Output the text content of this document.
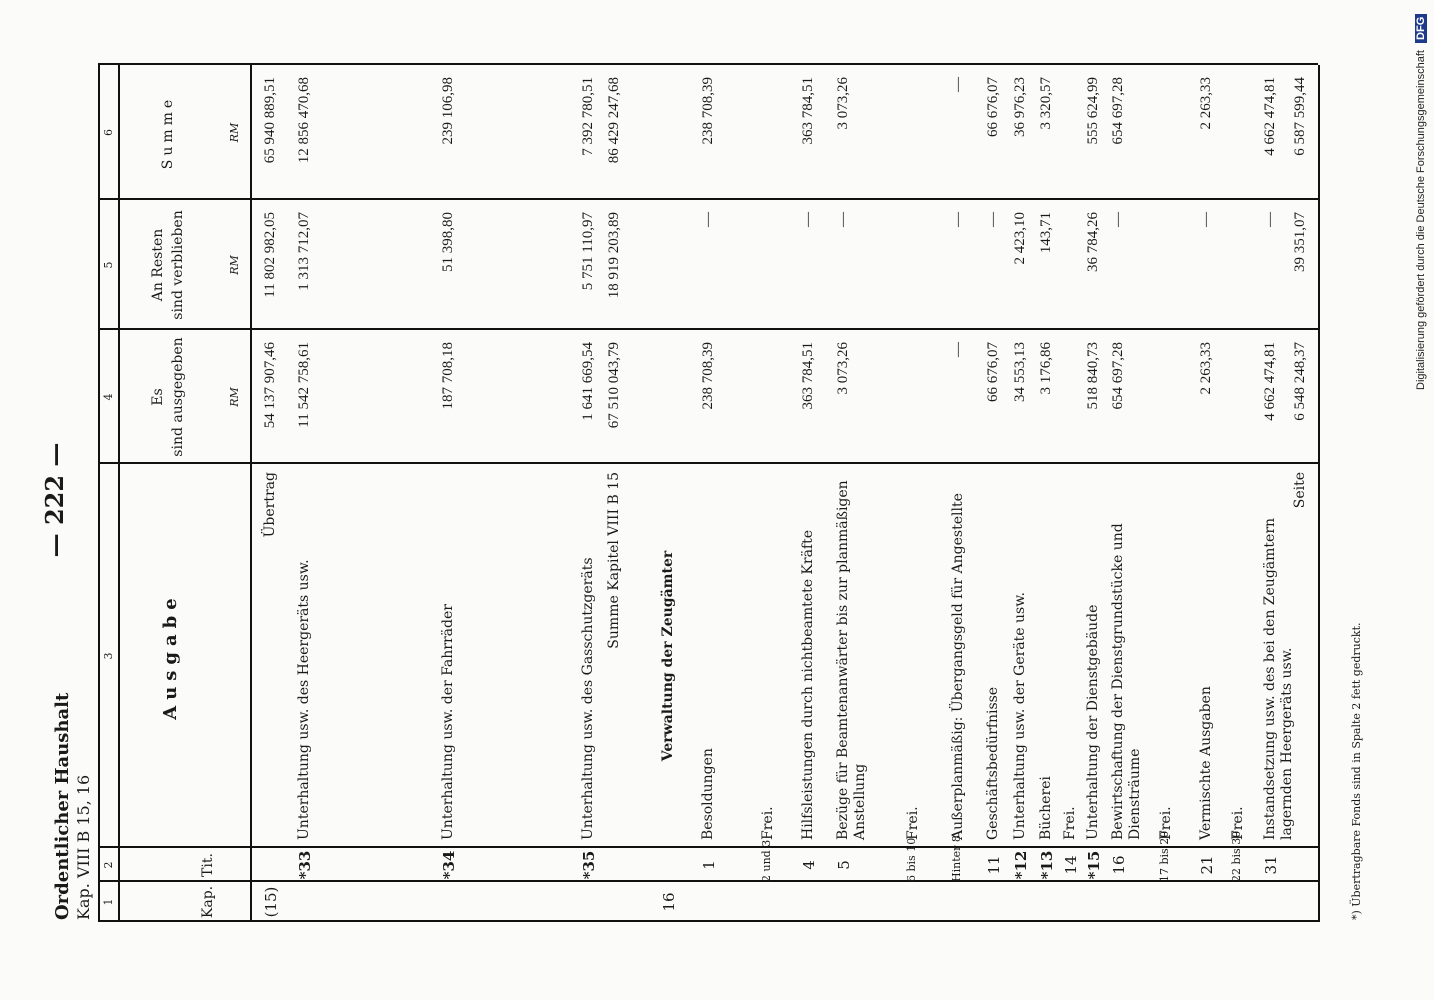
Ordentlicher Haushalt Kap. VIII B 15, 16
— 222 —
1
2
3
4
5
6
Kap.
Tit.
Ausgabe
Es sind ausgegeben
An Resten sind verblieben
Summe
RM
RM
RM
(15)
Übertrag
54 137 907,46
11 802 982,05
65 940 889,51
*33
Unterhaltung usw. des Heergeräts usw.
11 542 758,61
1 313 712,07
12 856 470,68
*34
Unterhaltung usw. der Fahrräder
187 708,18
51 398,80
239 106,98
*35
Unterhaltung usw. des Gasschutzgeräts
1 641 669,54
5 751 110,97
7 392 780,51
Summe Kapitel VIII B 15
67 510 043,79
18 919 203,89
86 429 247,68
16
Verwaltung der Zeugämter
1
Besoldungen
238 708,39
—
238 708,39
2 und 3
Frei.
4
Hilfsleistungen durch nichtbeamtete Kräfte
363 784,51
—
363 784,51
5
Bezüge für Beamtenanwärter bis zur planmäßigen Anstellung
3 073,26
—
3 073,26
6 bis 10
Frei.
Hinter 8
Außerplanmäßig: Übergangsgeld für Angestellte
—
—
—
11
Geschäftsbedürfnisse
66 676,07
—
66 676,07
*12
Unterhaltung usw. der Geräte usw.
34 553,13
2 423,10
36 976,23
*13
Bücherei
3 176,86
143,71
3 320,57
14
Frei.
*15
Unterhaltung der Dienstgebäude
518 840,73
36 784,26
555 624,99
16
Bewirtschaftung der Dienstgrundstücke und Diensträume
654 697,28
—
654 697,28
17 bis 20
Frei.
21
Vermischte Ausgaben
2 263,33
—
2 263,33
22 bis 30
Frei.
31
Instandsetzung usw. des bei den Zeugämtern lagernden Heergeräts usw.
4 662 474,81
—
4 662 474,81
Seite
6 548 248,37
39 351,07
6 587 599,44
*) Übertragbare Fonds sind in Spalte 2 fett gedruckt.
Digitalisierung gefördert durch die Deutsche Forschungsgemeinschaft DFG
